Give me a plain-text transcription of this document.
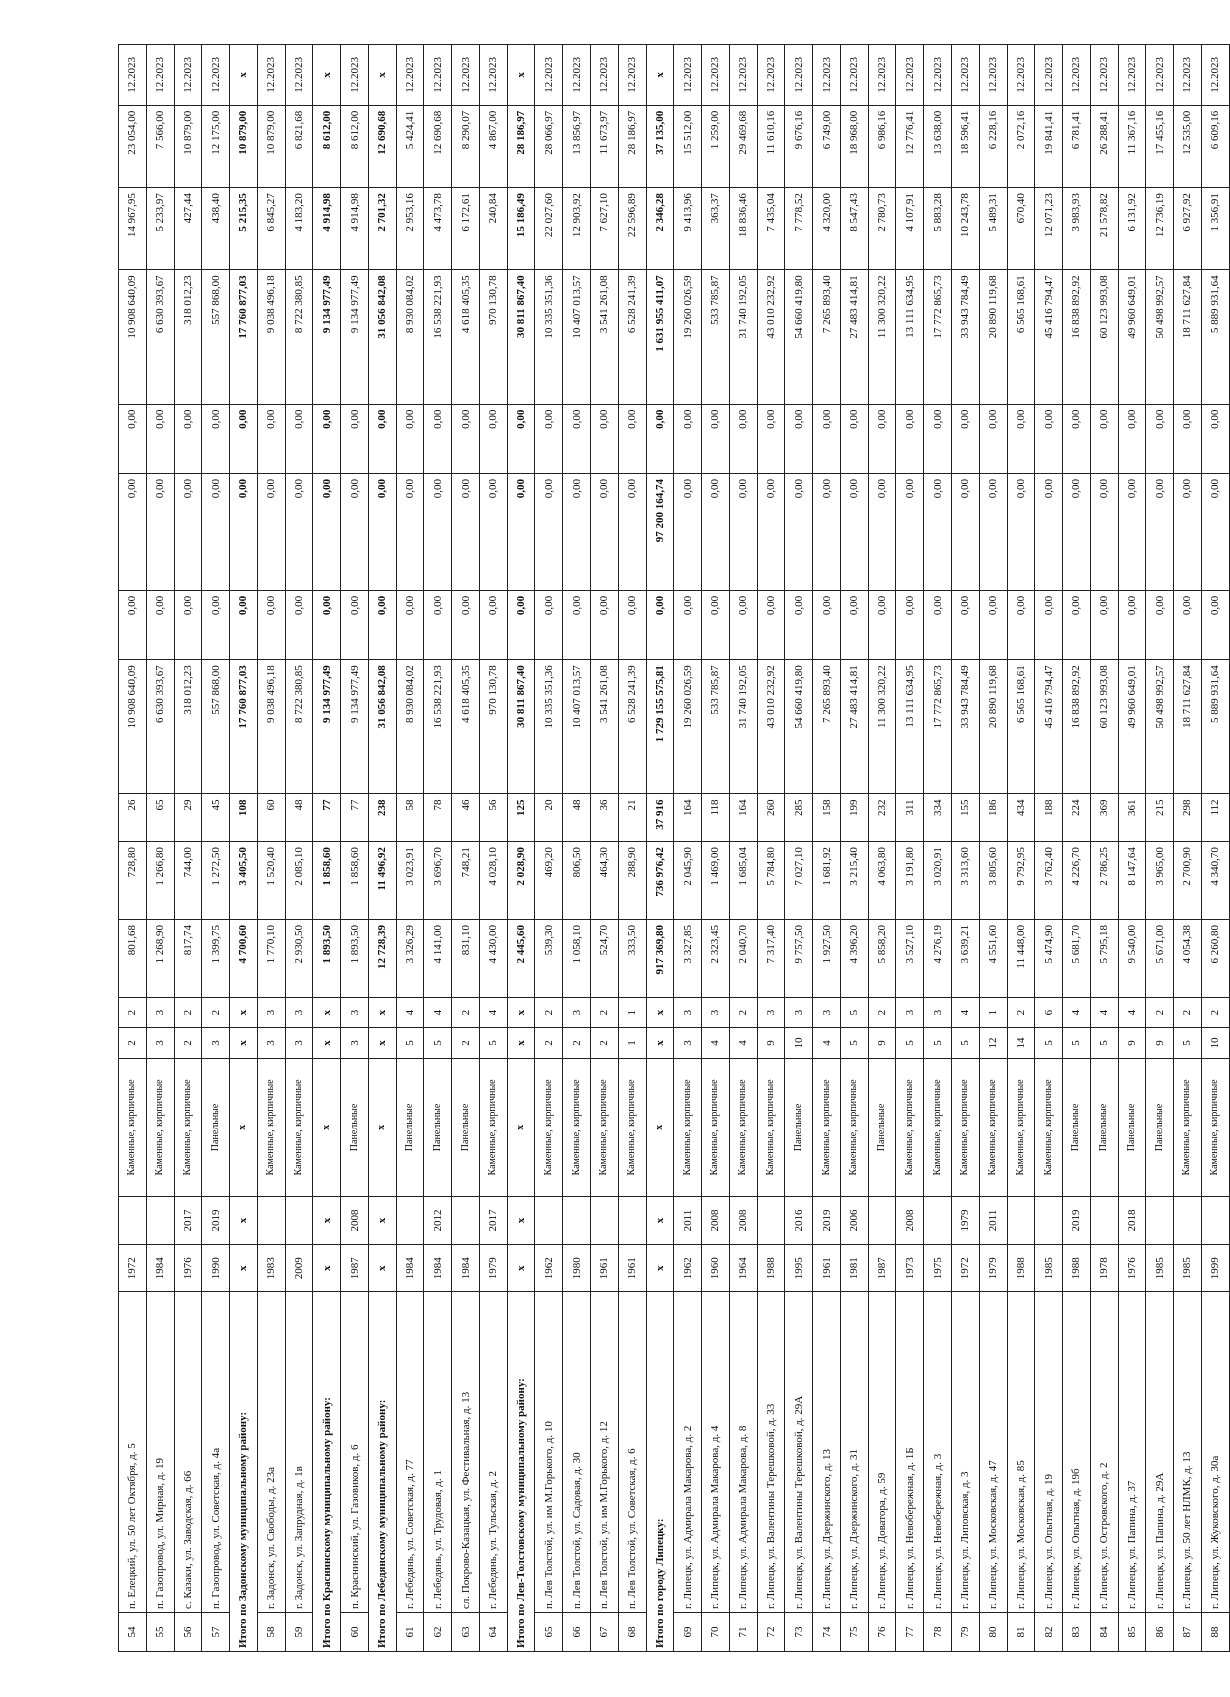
54	п. Елецкий, ул. 50 лет Октября, д. 5	1972		Каменные, кирпичные	2	2	801,68	728,80	26	10 908 640,09	0,00	0,00	0,00	10 908 640,09	14 967,95	23 054,00	12.2023
55	п. Газопровод, ул. Мирная, д. 19	1984		Каменные, кирпичные	3	3	1 268,90	1 266,80	65	6 630 393,67	0,00	0,00	0,00	6 630 393,67	5 233,97	7 566,00	12.2023
56	с. Казаки, ул. Заводская, д. 66	1976	2017	Каменные, кирпичные	2	2	817,74	744,00	29	318 012,23	0,00	0,00	0,00	318 012,23	427,44	10 879,00	12.2023
57	п. Газопровод, ул. Советская, д. 4а	1990	2019	Панельные	3	2	1 399,75	1 272,50	45	557 868,00	0,00	0,00	0,00	557 868,00	438,40	12 175,00	12.2023
Итого по Задонскому муниципальному району:		х	х	х	х	х	4 700,60	3 405,50	108	17 760 877,03	0,00	0,00	0,00	17 760 877,03	5 215,35	10 879,00	х
58	г. Задонск, ул. Свободы, д. 23а	1983		Каменные, кирпичные	3	3	1 770,10	1 520,40	60	9 038 496,18	0,00	0,00	0,00	9 038 496,18	6 845,27	10 879,00	12.2023
59	г. Задонск, ул. Запрудная, д. 1в	2009		Каменные, кирпичные	3	3	2 930,50	2 085,10	48	8 722 380,85	0,00	0,00	0,00	8 722 380,85	4 183,20	6 821,68	12.2023
Итого по Краснинскому муниципальному району:		х	х	х	х	х	1 893,50	1 858,60	77	9 134 977,49	0,00	0,00	0,00	9 134 977,49	4 914,98	8 612,00	х
60	п. Краснинский, ул. Газовиков, д. 6	1987	2008	Панельные	3	3	1 893,50	1 858,60	77	9 134 977,49	0,00	0,00	0,00	9 134 977,49	4 914,98	8 612,00	12.2023
Итого по Лебедянскому муниципальному району:		х	х	х	х	х	12 728,39	11 496,92	238	31 056 842,08	0,00	0,00	0,00	31 056 842,08	2 701,32	12 690,68	х
61	г. Лебедянь, ул. Советская, д. 77	1984		Панельные	5	4	3 326,29	3 023,91	58	8 930 084,02	0,00	0,00	0,00	8 930 084,02	2 953,16	5 424,41	12.2023
62	г. Лебедянь, ул. Трудовая, д. 1	1984	2012	Панельные	5	4	4 141,00	3 696,70	78	16 538 221,93	0,00	0,00	0,00	16 538 221,93	4 473,78	12 690,68	12.2023
63	сл. Покрово-Казацкая, ул. Фестивальная, д. 13	1984		Панельные	2	2	831,10	748,21	46	4 618 405,35	0,00	0,00	0,00	4 618 405,35	6 172,61	8 290,07	12.2023
64	г. Лебедянь, ул. Тульская, д. 2	1979	2017	Каменные, кирпичные	5	4	4 430,00	4 028,10	56	970 130,78	0,00	0,00	0,00	970 130,78	240,84	4 867,00	12.2023
Итого по Лев-Толстовскому муниципальному району:		х	х	х	х	х	2 445,60	2 028,90	125	30 811 867,40	0,00	0,00	0,00	30 811 867,40	15 186,49	28 186,97	х
65	п. Лев Толстой, ул. им М.Горького, д. 10	1962		Каменные, кирпичные	2	2	539,30	469,20	20	10 335 351,36	0,00	0,00	0,00	10 335 351,36	22 027,60	28 066,97	12.2023
66	п. Лев Толстой, ул. Садовая, д. 30	1980		Каменные, кирпичные	2	3	1 058,10	806,50	48	10 407 013,57	0,00	0,00	0,00	10 407 013,57	12 903,92	13 856,97	12.2023
67	п. Лев Толстой, ул. им М.Горького, д. 12	1961		Каменные, кирпичные	2	2	524,70	464,30	36	3 541 261,08	0,00	0,00	0,00	3 541 261,08	7 627,10	11 673,97	12.2023
68	п. Лев Толстой, ул. Советская, д. 6	1961		Каменные, кирпичные	1	1	333,50	288,90	21	6 528 241,39	0,00	0,00	0,00	6 528 241,39	22 596,89	28 186,97	12.2023
Итого по городу Липецку:		х	х	х	х	х	917 369,80	736 976,42	37 916	1 729 155 575,81	0,00	97 200 164,74	0,00	1 631 955 411,07	2 346,28	37 135,00	х
69	г. Липецк, ул. Адмирала Макарова, д. 2	1962	2011	Каменные, кирпичные	3	3	3 327,85	2 045,90	164	19 260 026,59	0,00	0,00	0,00	19 260 026,59	9 413,96	15 512,00	12.2023
70	г. Липецк, ул. Адмирала Макарова, д. 4	1960	2008	Каменные, кирпичные	4	3	2 323,45	1 469,00	118	533 785,87	0,00	0,00	0,00	533 785,87	363,37	1 259,00	12.2023
71	г. Липецк, ул. Адмирала Макарова, д. 8	1964	2008	Каменные, кирпичные	4	2	2 040,70	1 685,04	164	31 740 192,05	0,00	0,00	0,00	31 740 192,05	18 836,46	29 469,68	12.2023
72	г. Липецк, ул. Валентины Терешковой, д. 33	1988		Каменные, кирпичные	9	3	7 317,40	5 784,80	260	43 010 232,92	0,00	0,00	0,00	43 010 232,92	7 435,04	11 610,16	12.2023
73	г. Липецк, ул. Валентины Терешковой, д. 29А	1995	2016	Панельные	10	3	9 757,50	7 027,10	285	54 660 419,80	0,00	0,00	0,00	54 660 419,80	7 778,52	9 676,16	12.2023
74	г. Липецк, ул. Дзержинского, д. 13	1961	2019	Каменные, кирпичные	4	3	1 927,50	1 681,92	158	7 265 893,40	0,00	0,00	0,00	7 265 893,40	4 320,00	6 749,00	12.2023
75	г. Липецк, ул. Дзержинского, д. 31	1981	2006	Каменные, кирпичные	5	5	4 396,20	3 215,40	199	27 483 414,81	0,00	0,00	0,00	27 483 414,81	8 547,43	18 968,00	12.2023
76	г. Липецк, ул. Доватора, д. 59	1987		Панельные	9	2	5 858,20	4 063,80	232	11 300 320,22	0,00	0,00	0,00	11 300 320,22	2 780,73	6 986,16	12.2023
77	г. Липецк, ул. Невобережная, д. 1Б	1973	2008	Каменные, кирпичные	5	3	3 527,10	3 191,80	311	13 111 634,95	0,00	0,00	0,00	13 111 634,95	4 107,91	12 776,41	12.2023
78	г. Липецк, ул. Невобережная, д. 3	1975		Каменные, кирпичные	5	3	4 276,19	3 020,91	334	17 772 865,73	0,00	0,00	0,00	17 772 865,73	5 883,28	13 638,00	12.2023
79	г. Липецк, ул. Липовская, д. 3	1972	1979	Каменные, кирпичные	5	4	3 639,21	3 313,60	155	33 943 784,49	0,00	0,00	0,00	33 943 784,49	10 243,78	18 596,41	12.2023
80	г. Липецк, ул. Московская, д. 47	1979	2011	Каменные, кирпичные	12	1	4 551,60	3 805,60	186	20 890 119,68	0,00	0,00	0,00	20 890 119,68	5 489,31	6 228,16	12.2023
81	г. Липецк, ул. Московская, д. 85	1988		Каменные, кирпичные	14	2	11 448,00	9 792,95	434	6 565 168,61	0,00	0,00	0,00	6 565 168,61	670,40	2 072,16	12.2023
82	г. Липецк, ул. Опытная, д. 19	1985		Каменные, кирпичные	5	6	5 474,90	3 762,40	188	45 416 794,47	0,00	0,00	0,00	45 416 794,47	12 071,23	19 841,41	12.2023
83	г. Липецк, ул. Опытная, д. 19б	1988	2019	Панельные	5	4	5 681,70	4 226,70	224	16 838 892,92	0,00	0,00	0,00	16 838 892,92	3 983,93	6 781,41	12.2023
84	г. Липецк, ул. Островского, д. 2	1978		Панельные	5	4	5 795,18	2 786,25	369	60 123 993,08	0,00	0,00	0,00	60 123 993,08	21 578,82	26 288,41	12.2023
85	г. Липецк, ул. Папина, д. 37	1976	2018	Панельные	9	4	9 540,00	8 147,64	361	49 960 649,01	0,00	0,00	0,00	49 960 649,01	6 131,92	11 367,16	12.2023
86	г. Липецк, ул. Папина, д. 29А	1985		Панельные	9	2	5 671,00	3 965,00	215	50 498 992,57	0,00	0,00	0,00	50 498 992,57	12 736,19	17 455,16	12.2023
87	г. Липецк, ул. 50 лет НЛМК, д. 13	1985		Каменные, кирпичные	5	2	4 054,38	2 700,90	298	18 711 627,84	0,00	0,00	0,00	18 711 627,84	6 927,92	12 535,00	12.2023
88	г. Липецк, ул. Жуковского, д. 30а	1999		Каменные, кирпичные	10	2	6 260,80	4 340,70	112	5 889 931,64	0,00	0,00	0,00	5 889 931,64	1 356,91	6 609,16	12.2023
